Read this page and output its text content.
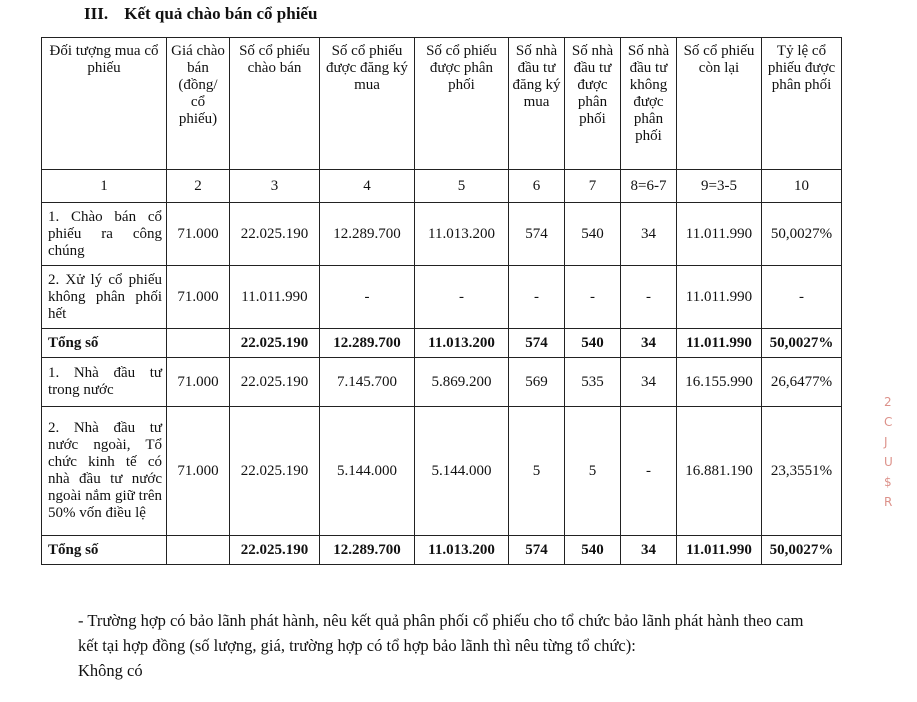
III. Kết quả chào bán cổ phiếu
Đối tượng mua cổ phiếu	Giá chào bán (đồng/ cổ phiếu)	Số cổ phiếu chào bán	Số cổ phiếu được đăng ký mua	Số cổ phiếu được phân phối	Số nhà đầu tư đăng ký mua	Số nhà đầu tư được phân phối	Số nhà đầu tư không được phân phối	Số cổ phiếu còn lại	Tỷ lệ cổ phiếu được phân phối
1	2	3	4	5	6	7	8=6-7	9=3-5	10
1. Chào bán cổ phiếu ra công chúng	71.000	22.025.190	12.289.700	11.013.200	574	540	34	11.011.990	50,0027%
2. Xử lý cổ phiếu không phân phối hết	71.000	11.011.990	-	-	-	-	-	11.011.990	-
Tổng số		22.025.190	12.289.700	11.013.200	574	540	34	11.011.990	50,0027%
1. Nhà đầu tư trong nước	71.000	22.025.190	7.145.700	5.869.200	569	535	34	16.155.990	26,6477%
2. Nhà đầu tư nước ngoài, Tổ chức kinh tế có nhà đầu tư nước ngoài nắm giữ trên 50% vốn điều lệ	71.000	22.025.190	5.144.000	5.144.000	5	5	-	16.881.190	23,3551%
Tổng số		22.025.190	12.289.700	11.013.200	574	540	34	11.011.990	50,0027%
- Trường hợp có bảo lãnh phát hành, nêu kết quả phân phối cổ phiếu cho tổ chức bảo lãnh phát hành theo cam kết tại hợp đồng (số lượng, giá, trường hợp có tổ hợp bảo lãnh thì nêu từng tổ chức):
Không có
2
C
J
U
$
R
